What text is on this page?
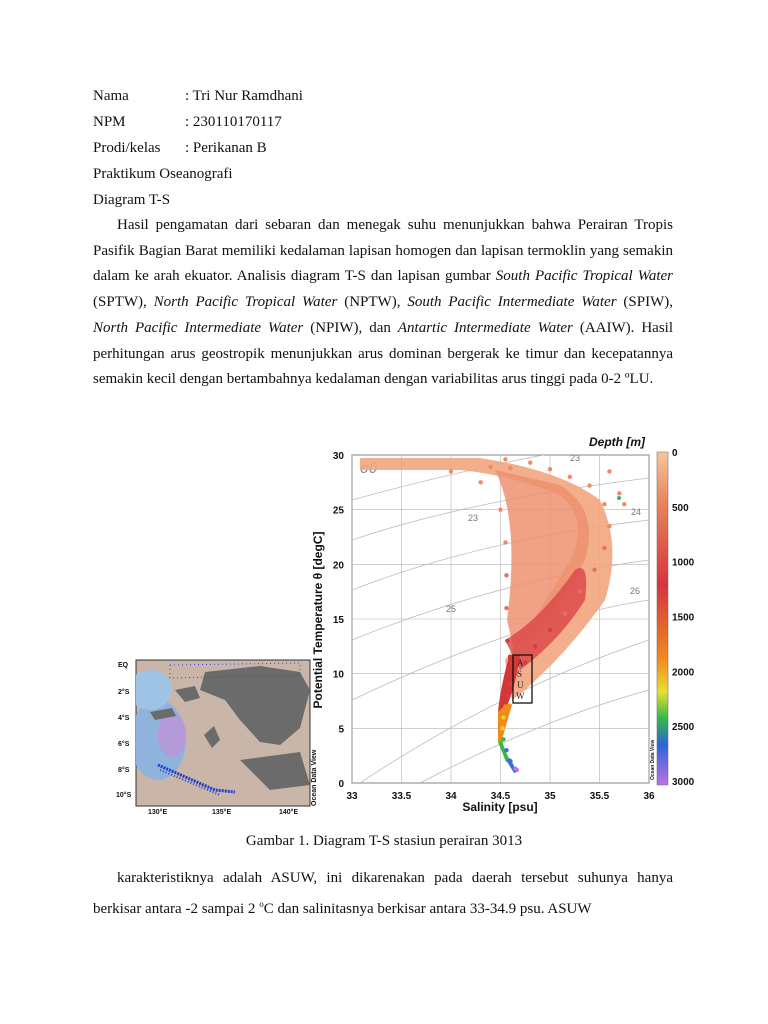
Nama	: Tri Nur Ramdhani
NPM	: 230110170117
Prodi/kelas : Perikanan B
Praktikum Oseanografi
Diagram T-S
Hasil pengamatan dari sebaran dan menegak suhu menunjukkan bahwa Perairan Tropis Pasifik Bagian Barat memiliki kedalaman lapisan homogen dan lapisan termoklin yang semakin dalam ke arah ekuator. Analisis diagram T-S dan lapisan gumbar South Pacific Tropical Water (SPTW), North Pacific Tropical Water (NPTW), South Pacific Intermediate Water (SPIW), North Pacific Intermediate Water (NPIW), dan Antartic Intermediate Water (AAIW). Hasil perhitungan arus geostropik menunjukkan arus dominan bergerak ke timur dan kecepatannya semakin kecil dengan bertambahnya kedalaman dengan variabilitas arus tinggi pada 0-2 ºLU.
EQ
2°S
4°S
6°S
8°S
10°S
130°E	135°E	140°E
Ocean Data View
23
23
24
25
26
A
S
U
W
33	33.5	34	34.5	35	35.5	36
0
5
10
15
20
25
30
Salinity [psu]
Potential Temperature θ [degC]
0
500
1000
1500
2000
2500
3000
Depth [m]
Ocean Data View
Gambar 1. Diagram T-S stasiun perairan 3013
karakteristiknya adalah ASUW, ini dikarenakan pada daerah tersebut suhunya hanya berkisar antara -2 sampai 2 $^o$C dan salinitasnya berkisar antara 33-34.9 psu. ASUW
